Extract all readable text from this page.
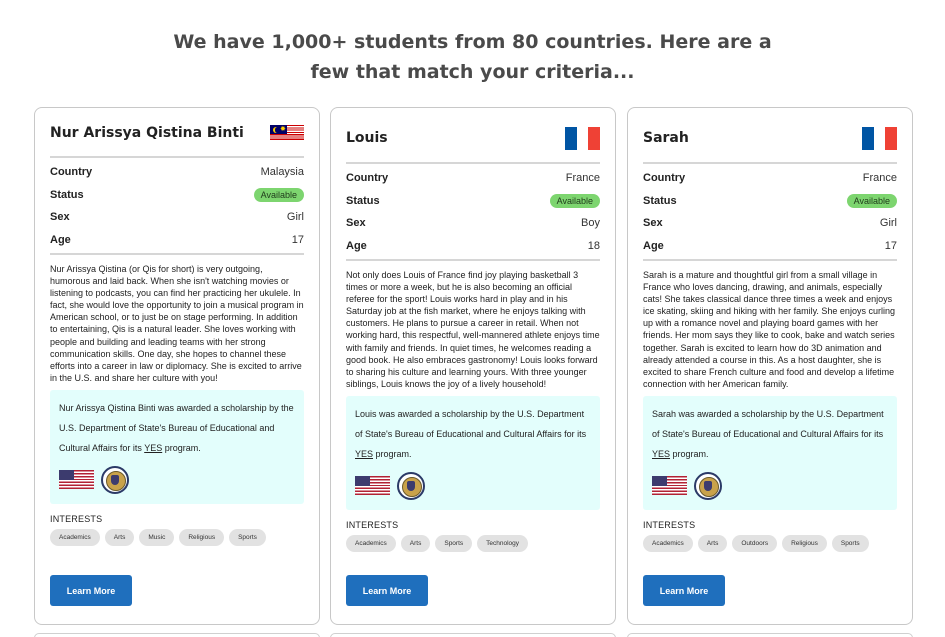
We have 1,000+ students from 80 countries. Here are a
few that match your criteria...
Nur Arissya Qistina Binti	✸
Country	Malaysia
Status	Available
Sex	Girl
Age	17

Nur Arissya Qistina (or Qis for short) is very outgoing, humorous and laid back. When she isn't watching movies or listening to podcasts, you can find her practicing her ukulele. In fact, she would love the opportunity to join a musical program in American school, or to just be on stage performing. In addition to entertaining, Qis is a natural leader. She loves working with people and building and leading teams with her strong communication skills. One day, she hopes to channel these efforts into a career in law or diplomacy. She is excited to arrive in the U.S. and share her culture with you!

Nur Arissya Qistina Binti was awarded a scholarship by the U.S. Department of State's Bureau of Educational and Cultural Affairs for its YES program.

INTERESTS
Academics	Arts	Music	Religious	Sports
Learn More
Louis
Country	France
Status	Available
Sex	Boy
Age	18

Not only does Louis of France find joy playing basketball 3 times or more a week, but he is also becoming an official referee for the sport! Louis works hard in play and in his Saturday job at the fish market, where he enjoys talking with customers. He plans to pursue a career in retail. When not working hard, this respectful, well-mannered athlete enjoys time with family and friends. In quiet times, he welcomes reading a good book. He also embraces gastronomy! Louis looks forward to sharing his culture and learning yours. With three younger siblings, Louis knows the joy of a lively household!

Louis was awarded a scholarship by the U.S. Department of State's Bureau of Educational and Cultural Affairs for its YES program.

INTERESTS
Academics	Arts	Sports	Technology
Learn More
Sarah
Country	France
Status	Available
Sex	Girl
Age	17

Sarah is a mature and thoughtful girl from a small village in France who loves dancing, drawing, and animals, especially cats! She takes classical dance three times a week and enjoys ice skating, skiing and hiking with her family. She enjoys curling up with a romance novel and playing board games with her friends. Her mom says they like to cook, bake and watch series together. Sarah is excited to learn how do 3D animation and already attended a course in this. As a host daughter, she is excited to share French culture and food and develop a lifetime connection with her American family.

Sarah was awarded a scholarship by the U.S. Department of State's Bureau of Educational and Cultural Affairs for its YES program.

INTERESTS
Academics	Arts	Outdoors	Religious	Sports
Learn More
